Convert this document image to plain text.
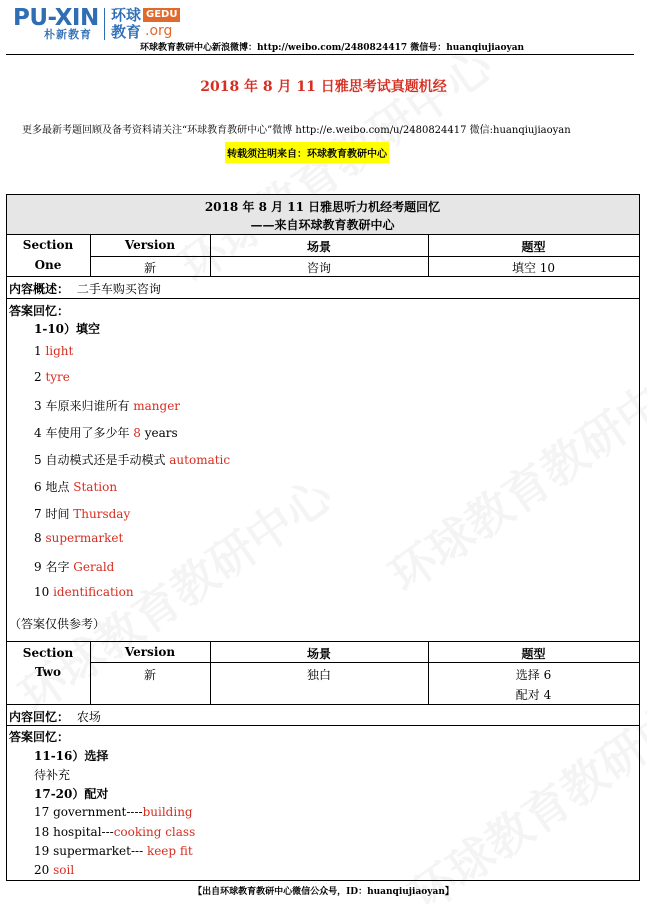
PU-XIN
朴新教育
环球
教育
GEDU
.org
环球教育教研中心新浪微博：http://weibo.com/2480824417 微信号：huanqiujiaoyan
2018 年 8 月 11 日雅思考试真题机经
更多最新考题回顾及备考资料请关注“环球教育教研中心”微博 http://e.weibo.com/u/2480824417 微信:huanqiujiaoyan
转载须注明来自：环球教育教研中心
2018 年 8 月 11 日雅思听力机经考题回忆
——来自环球教育教研中心
Section
One
Version	场景	题型
新	咨询	填空 10
内容概述： 二手车购买咨询
答案回忆：
1-10）填空
1 light
2 tyre
3 车原来归谁所有 manger
4 车使用了多少年 8 years
5 自动模式还是手动模式 automatic
6 地点 Station
7 时间 Thursday
8 supermarket
9 名字 Gerald
10 identification
（答案仅供参考）
Section
Two
Version	场景	题型
新	独白	选择 6
配对 4
内容回忆： 农场
答案回忆：
11-16）选择
待补充
17-20）配对
17 government----building
18 hospital---cooking class
19 supermarket--- keep fit
20 soil
【出自环球教育教研中心微信公众号，ID：huanqiujiaoyan】
